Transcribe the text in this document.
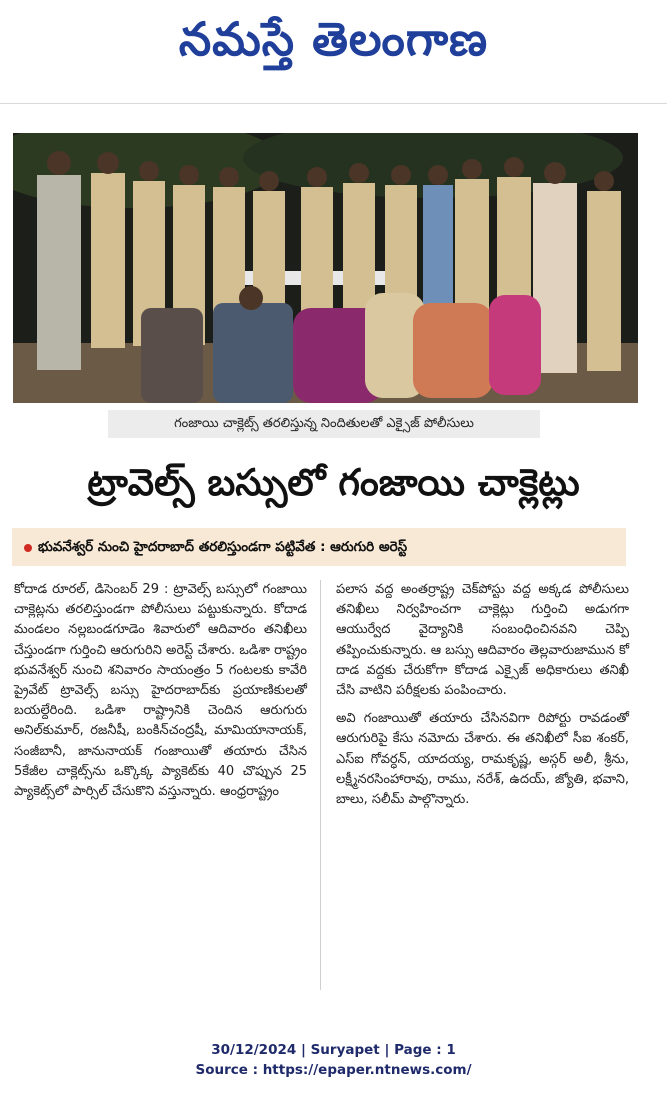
నమస్తే తెలంగాణ
గంజాయి చాక్లెట్స్‌ తరలిస్తున్న నిందితులతో ఎక్సైజ్‌ పోలీసులు
ట్రావెల్స్‌ బస్సులో గంజాయి చాక్లెట్లు
భువనేశ్వర్‌ నుంచి హైదరాబాద్‌ తరలిస్తుండగా పట్టివేత : ఆరుగురి అరెస్ట్‌

కోదాడ రూరల్‌, డిసెంబర్‌ 29 : ట్రావెల్స్‌ బస్సులో గంజాయి చాక్లెట్లను తరలిస్తుండగా పోలీసులు పట్టుకున్నారు. కోదాడ మండలం నల్లబండగూడెం శివారులో ఆదివారం తనిఖీలు చేస్తుండగా గుర్తించి ఆరుగురిని అరెస్ట్‌ చేశారు. ఒడిశా రాష్ట్రం భువనేశ్వర్‌ నుంచి శనివారం సాయంత్రం 5 గంటలకు కావేరి ప్రైవేట్‌ ట్రావెల్స్‌ బస్సు హైదరాబాద్‌కు ప్రయాణికులతో బయల్దేరింది. ఒడిశా రాష్ట్రానికి చెందిన ఆరుగురు అనిల్‌కుమార్‌, రజనీషీ, బంకిన్‌చంద్రషీ, మామియానాయక్‌, సంజీబానీ, జానునాయక్‌ గంజాయితో తయారు చేసిన 5కేజీల చాక్లెట్స్‌ను ఒక్కొక్క ప్యాకెట్‌కు 40 చొప్పున 25 ప్యాకెట్స్‌లో పార్సిల్‌ చేసుకొని వస్తున్నారు. ఆంధ్రరాష్ట్రం

పలాస వద్ద అంతర్రాష్ట్ర చెక్‌పోస్టు వద్ద అక్కడ పోలీసులు తనిఖీలు నిర్వహించగా చాక్లెట్లు గుర్తించి అడుగగా ఆయుర్వేద వైద్యానికి సంబంధించినవని చెప్పి తప్పించుకున్నారు. ఆ బస్సు ఆదివారం తెల్లవారుజామున కో దాడ వద్దకు చేరుకోగా కోదాడ ఎక్సైజ్‌ అధికారులు తనిఖీ చేసి వాటిని పరీక్షలకు పంపించారు.

అవి గంజాయితో తయారు చేసినవిగా రిపోర్టు రావడంతో ఆరుగురిపై కేసు నమోదు చేశారు. ఈ తనిఖీలో సీఐ శంకర్‌, ఎస్‌ఐ గోవర్ధన్‌, యాదయ్య, రామకృష్ణ, అస్గర్‌ అలీ, శ్రీను, లక్ష్మీనరసింహారావు, రాము, నరేశ్‌, ఉదయ్‌, జ్యోతి, భవాని, బాలు, సలీమ్‌ పాల్గొన్నారు.

30/12/2024 | Suryapet | Page : 1
Source : https://epaper.ntnews.com/
